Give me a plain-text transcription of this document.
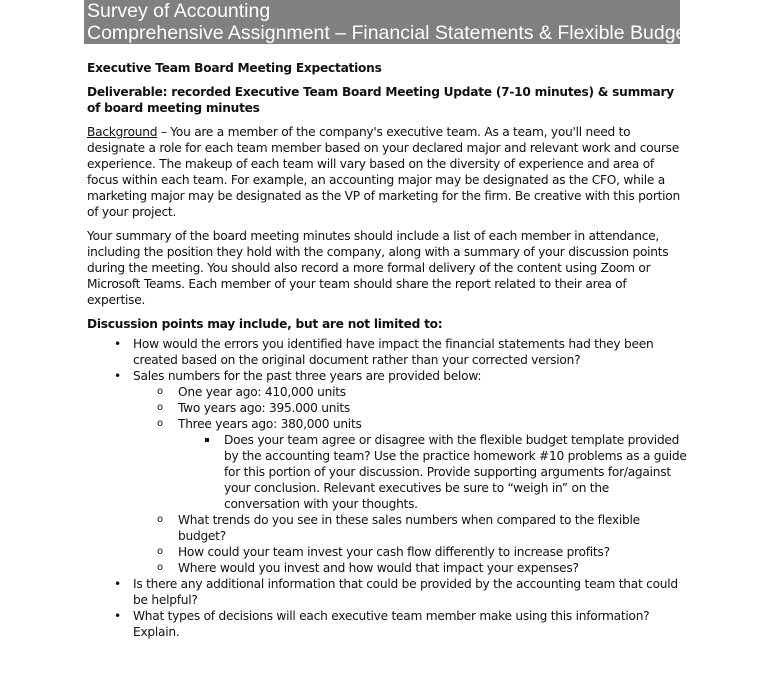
Survey of Accounting
Comprehensive Assignment – Financial Statements & Flexible Budget

Executive Team Board Meeting Expectations

Deliverable: recorded Executive Team Board Meeting Update (7-10 minutes) & summary of board meeting minutes

Background – You are a member of the company's executive team. As a team, you'll need to designate a role for each team member based on your declared major and relevant work and course experience. The makeup of each team will vary based on the diversity of experience and area of focus within each team. For example, an accounting major may be designated as the CFO, while a marketing major may be designated as the VP of marketing for the firm. Be creative with this portion of your project.

Your summary of the board meeting minutes should include a list of each member in attendance, including the position they hold with the company, along with a summary of your discussion points during the meeting. You should also record a more formal delivery of the content using Zoom or Microsoft Teams. Each member of your team should share the report related to their area of expertise.

Discussion points may include, but are not limited to:

• How would the errors you identified have impact the financial statements had they been created based on the original document rather than your corrected version?
• Sales numbers for the past three years are provided below:
o One year ago: 410,000 units
o Two years ago: 395.000 units
o Three years ago: 380,000 units
Does your team agree or disagree with the flexible budget template provided by the accounting team? Use the practice homework #10 problems as a guide for this portion of your discussion. Provide supporting arguments for/against your conclusion. Relevant executives be sure to “weigh in” on the conversation with your thoughts.
o What trends do you see in these sales numbers when compared to the flexible budget?
o How could your team invest your cash flow differently to increase profits?
o Where would you invest and how would that impact your expenses?
• Is there any additional information that could be provided by the accounting team that could be helpful?
• What types of decisions will each executive team member make using this information? Explain.
